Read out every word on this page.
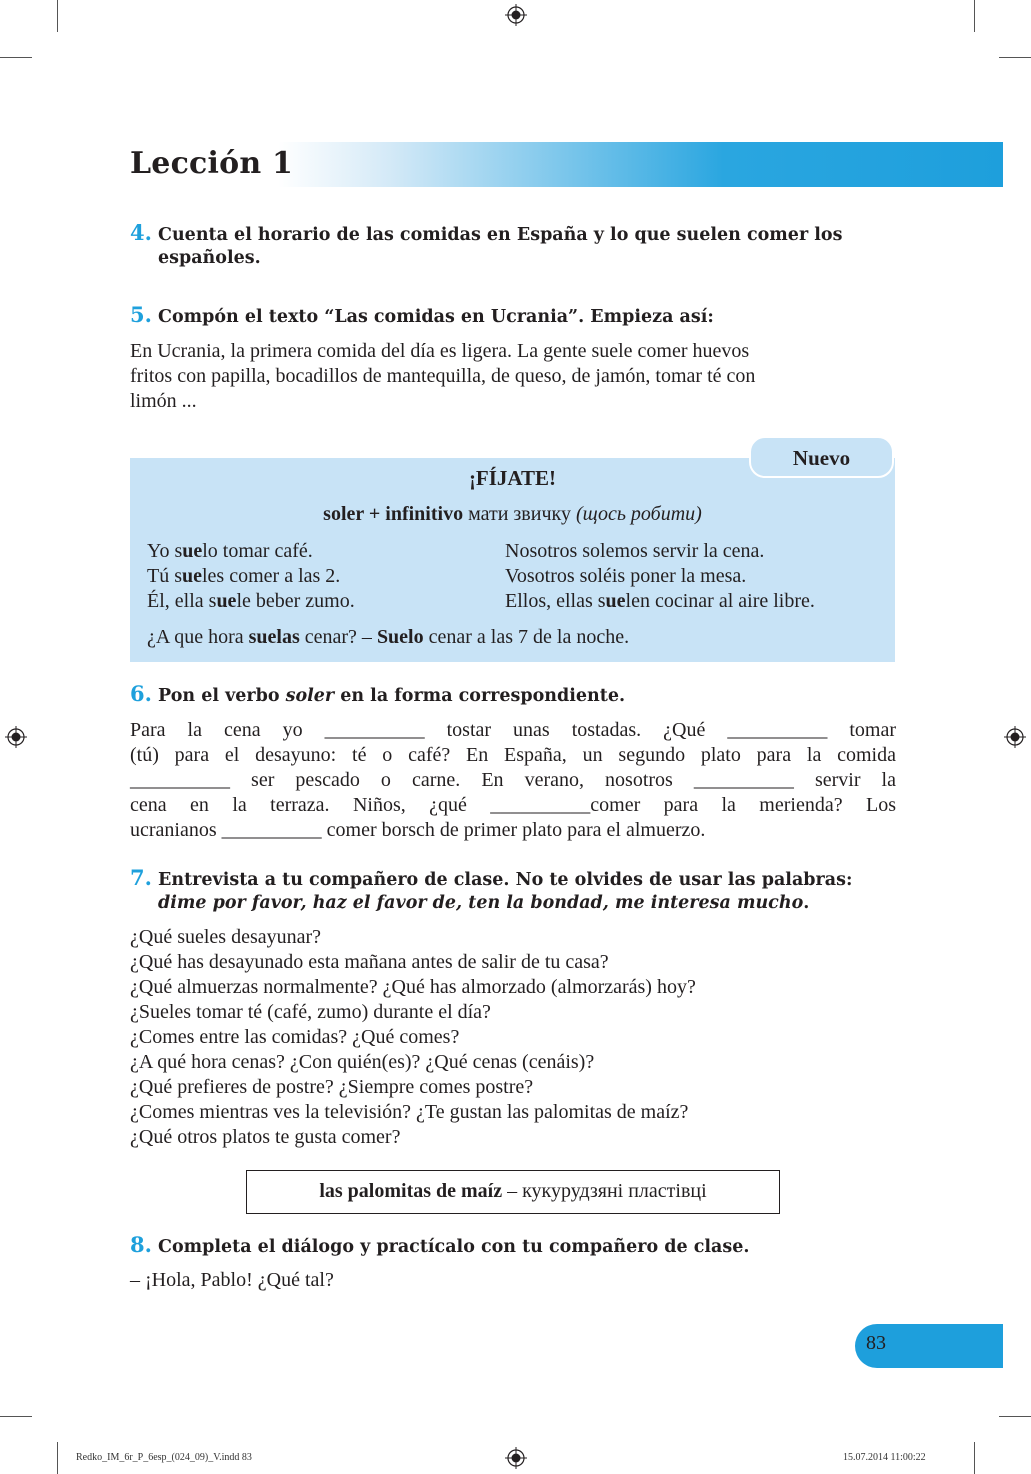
Lección 1
4. Cuenta el horario de las comidas en España y lo que suelen comer los
españoles.
5. Compón el texto “Las comidas en Ucrania”. Empieza así:
En Ucrania, la primera comida del día es ligera. La gente suele comer huevos
fritos con papilla, bocadillos de mantequilla, de queso, de jamón, tomar té con
limón ...
Nuevo
¡FÍJATE!
soler + infinitivo мати звичку (щось робити)
Yo suelo tomar café.
Tú sueles comer a las 2.
Él, ella suele beber zumo.
Nosotros solemos servir la cena.
Vosotros soléis poner la mesa.
Ellos, ellas suelen cocinar al aire libre.
¿A que hora suelas cenar? – Suelo cenar a las 7 de la noche.
6. Pon el verbo soler en la forma correspondiente.
Para la cena yo __________ tostar unas tostadas. ¿Qué __________ tomar
(tú) para el desayuno: té o café? En España, un segundo plato para la comida
__________ ser pescado o carne. En verano, nosotros __________ servir la
cena en la terraza. Niños, ¿qué __________comer para la merienda? Los
ucranianos __________ comer borsch de primer plato para el almuerzo.
7. Entrevista a tu compañero de clase. No te olvides de usar las palabras:
dime por favor, haz el favor de, ten la bondad, me interesa mucho.
¿Qué sueles desayunar?
¿Qué has desayunado esta mañana antes de salir de tu casa?
¿Qué almuerzas normalmente? ¿Qué has almorzado (almorzarás) hoy?
¿Sueles tomar té (café, zumo) durante el día?
¿Comes entre las comidas? ¿Qué comes?
¿A qué hora cenas? ¿Con quién(es)? ¿Qué cenas (cenáis)?
¿Qué prefieres de postre? ¿Siempre comes postre?
¿Comes mientras ves la televisión? ¿Te gustan las palomitas de maíz?
¿Qué otros platos te gusta comer?
las palomitas de maíz – кукурудзяні пластівці
8. Completa el diálogo y practícalo con tu compañero de clase.
– ¡Hola, Pablo! ¿Qué tal?
83
Redko_IM_6r_P_6esp_(024_09)_V.indd 83	15.07.2014 11:00:22
